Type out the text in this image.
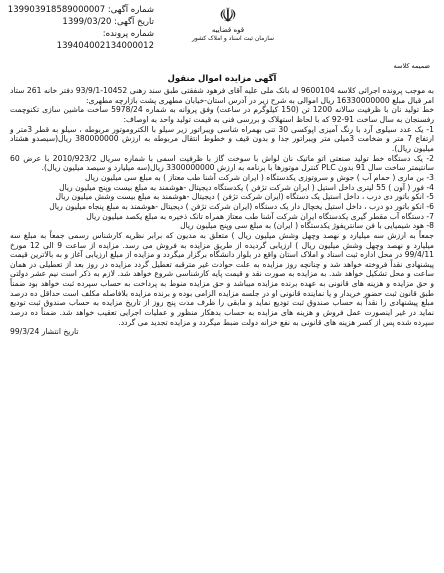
شماره آگهی: 139903918589000007
تاریخ آگهی: 1399/03/20
شماره پرونده:
139404002134000012
☫
قوه قضاییه
سازمان ثبت اسناد و املاک کشور
ضمیمه کلاسه
آگهی مزایده اموال منقول

به موجب پرونده اجرائی کلاسه 9600104 له بانک ملی علیه آقای فرهود شفقتی طبق سند رهنی 10452-93/9/1 دفتر خانه 261 ستاد امر قبال مبلغ 16330000000 ریال اموالی به شرح زیر در آدرس استان-خیابان مطهری پشت بازارچه مطهری:

خط تولید نان با ظرفیت سالانه 1200 تن (150 کیلوگرم در ساعت) وفق پروانه به شماره 5978/24 ساخت ماشین سازی تکنوچمت رفسنجان به سال ساخت 91-92 که با لحاظ استهلاک و بررسی فنی به قیمت تولید واحد به اوصاف:

1- یک عدد سیلوی آرد با رنگ آمیزی اپوکسی 30 تنی بهمراه شاسی ویبراتور زیر سیلو با الکتروموتور مربوطه ، سیلو به قطر 3متر و ارتفاع 7 متر و ضخامت 3میلی متر ویبراتور جدا و بدون قیف و خطوط انتقال مربوطه به ارزش 380000000 ریال(سیصدو هشتاد میلیون ریال).

2- یک دستگاه خط تولید صنعتی اتو ماتیک نان لواش با سوخت گاز با ظرفیت اسمی با شماره سریال 2010/923/2 با عرض 60 سانتیمتر ساخت سال 91 بدون PLC کنترل موتورها با برنامه به ارزش 3300000000 ریال(سه میلیارد و سیصد میلیون ریال).

3- بن ماری ( حمام آب ) جوش و سروتوزی یکدستگاه ( ایران شرکت آشنا طب معتاز ) به مبلغ سی میلیون ریال

4- فور ( آون ) 55 لیتری داخل استیل ( ایران شرکت تژفن ) یکدستگاه دیجیتال -هوشمند به مبلغ بیست وپنج میلیون ریال

5- انکو باتور دی درب ، داخل استیل یک دستگاه (ایران شرکت تژفن ) دیجیتال -هوشمند به مبلغ بیست وشش میلیون ریال

6- انکو باتور دو درب ، داخل استیل یخچال دار یک دستگاه (ایران شرکت تژفن ) دیجیتال -هوشمند به مبلغ پنجاه میلیون ریال

7- دستگاه آب مقطر گیری یکدستگاه ایران شرکت آشنا طب معتاز همراه تانک ذخیره به مبلغ یکصد میلیون ریال

8- هود شیمیایی با فن سانتریفوژ یکدستگاه ( ایران) به مبلغ سی وپنج میلیون ریال

جمعاً به ارزش سه میلیارد و نهصد وچهل وشش میلیون ریال ) متعلق به مدیون که برابر نظریه کارشناس رسمی جمعاً به مبلغ سه میلیارد و نهصد وچهل وشش میلیون ریال ) ارزیابی گردیده از طریق مزایده به فروش می رسد. مزایده از ساعت 9 الی 12 مورخ 99/4/11 در محل اداره ثبت اسناد و املاک استان واقع در بلوار دانشگاه برگزار میگردد و مزایده از مبلغ ارزیابی آغاز و به بالاترین قیمت پیشنهادی نقداً فروخته خواهد شد و چنانچه روز مزایده به علت حوادث غیر مترقبه تعطیل گردد مزایده در روز بعد از تعطیلی در همان ساعت و محل تشکیل خواهد شد. به مزایده به صورت نقد و قیمت پایه کارشناسی شروع خواهد شد. لازم به ذکر است نیم عشر دولتی و حق مزایده و هزینه های قانونی به عهده برنده مزایده میباشد و حق مزایده منوط به پرداخت به حساب سپرده ثبت خواهد بود ضمناً طبق قانون ثبت حضور خریدار و یا نماینده قانونی او در جلسه مزایده الزامی بوده و برنده مزایده بلافاصله مکلف است حداقل ده درصد مبلغ پیشنهادی را نقداً به حساب صندوق ثبت تودیع نماید و مابقی را ظرف مدت پنج روز از تاریخ مزایده به حساب صندوق ثبت تودیع نماید در غیر اینصورت عمل فروش و هزینه های مزایده به حساب بدهکار منظور و عملیات اجرایی تعقیب خواهد شد. ضمناً ده درصد سپرده شده پس از کسر هزینه های قانونی به نفع خزانه دولت ضبط میگردد و مزایده تجدید می گردد.

تاریخ انتشار 99/3/24
